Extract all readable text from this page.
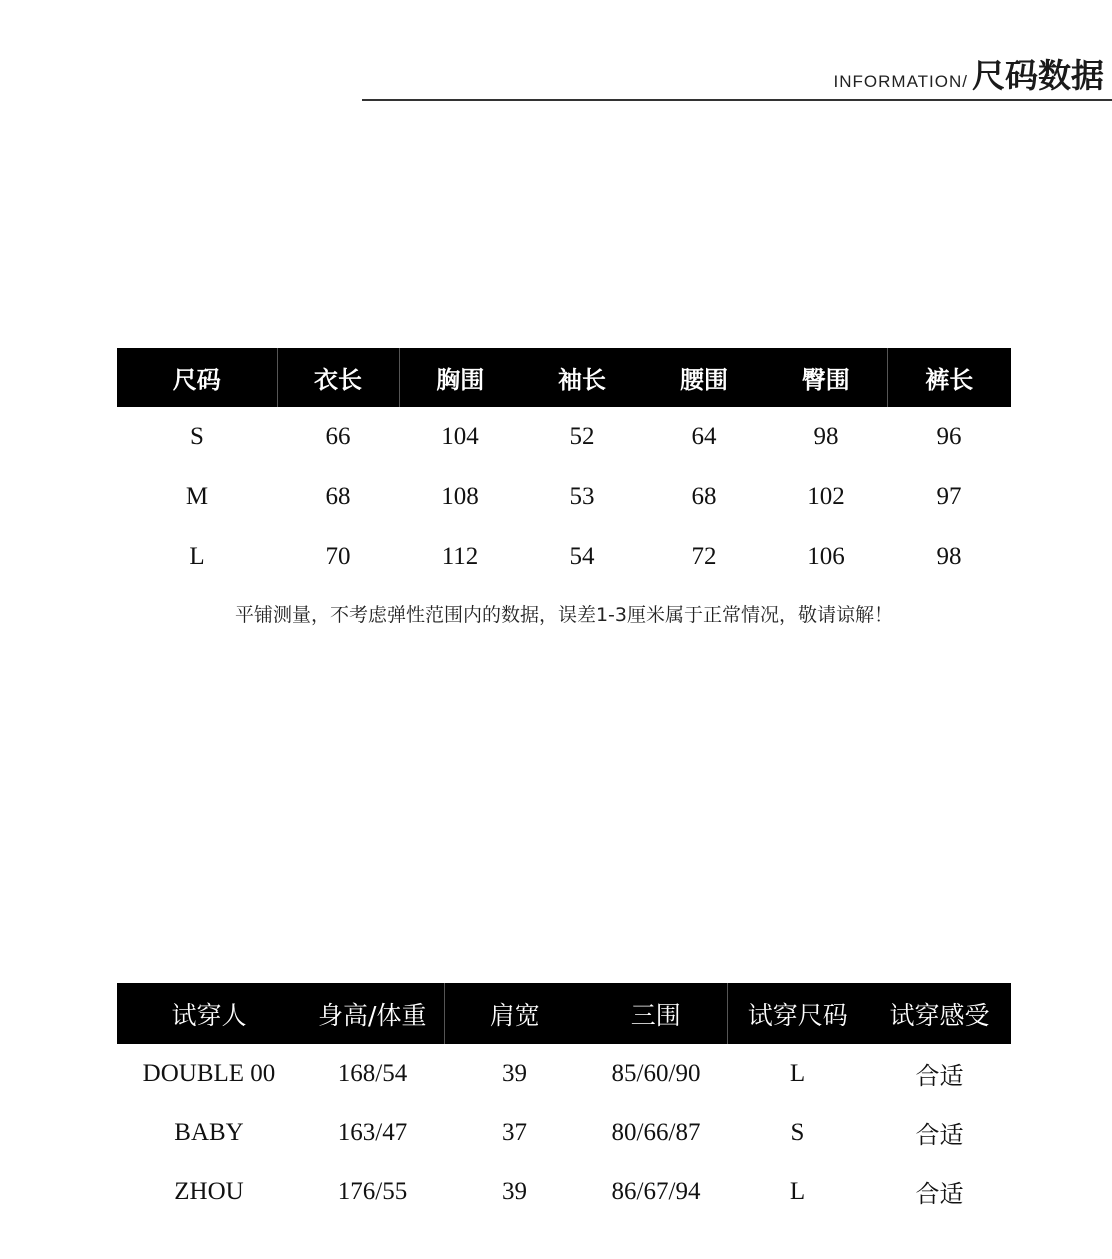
INFORMATION/ 尺码数据
尺码	衣长	胸围	袖长	腰围	臀围	裤长
S	66	104	52	64	98	96
M	68	108	53	68	102	97
L	70	112	54	72	106	98
平铺测量，不考虑弹性范围内的数据，误差1-3厘米属于正常情况，敬请谅解！
试穿人	身高/体重	肩宽	三围	试穿尺码	试穿感受
DOUBLE 00	168/54	39	85/60/90	L	合适
BABY	163/47	37	80/66/87	S	合适
ZHOU	176/55	39	86/67/94	L	合适
